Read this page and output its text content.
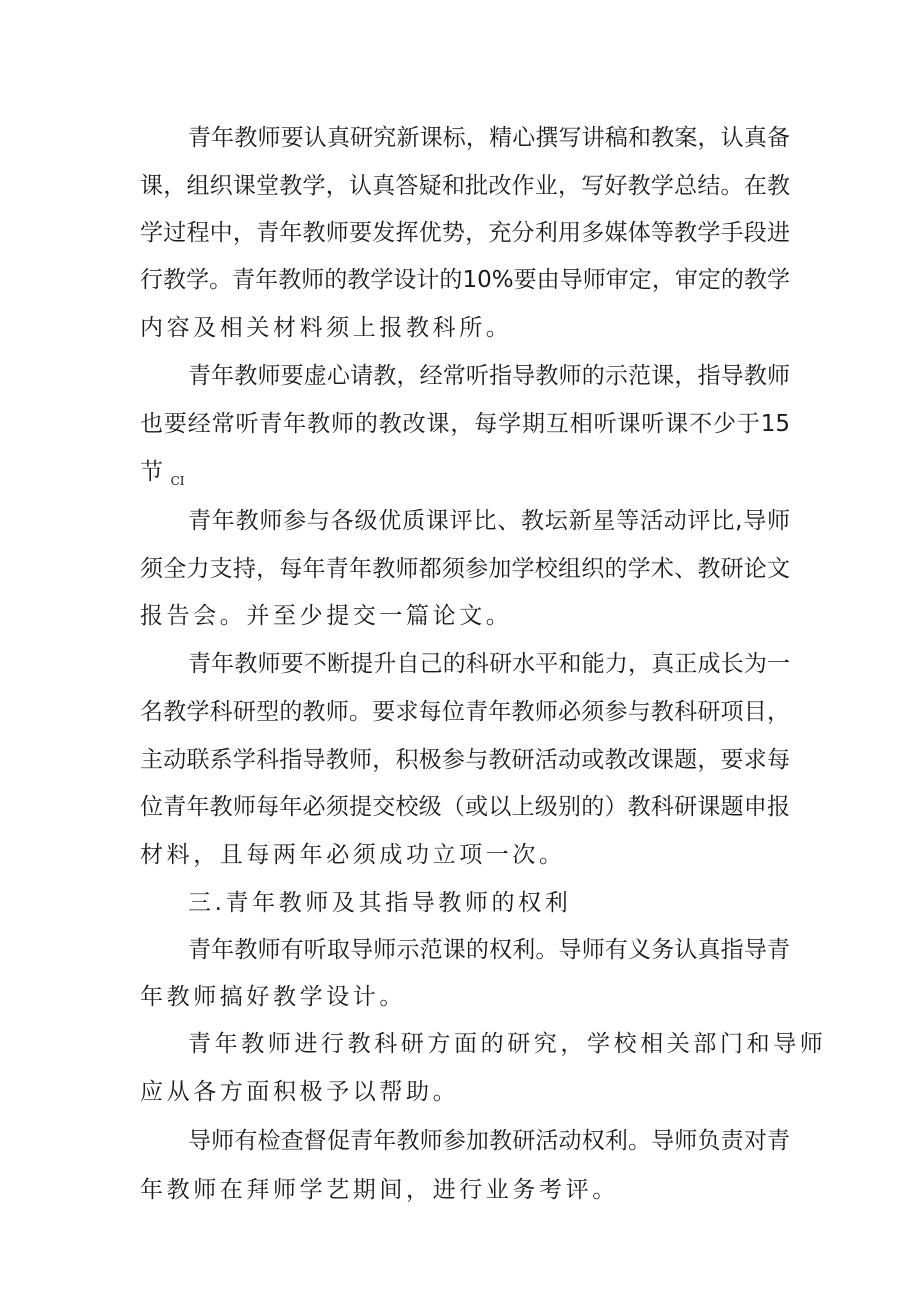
青年教师要认真研究新课标，精心撰写讲稿和教案，认真备
课，组织课堂教学，认真答疑和批改作业，写好教学总结。在教
学过程中，青年教师要发挥优势，充分利用多媒体等教学手段进
行教学。青年教师的教学设计的10%要由导师审定，审定的教学
内容及相关材料须上报教科所。
青年教师要虚心请教，经常听指导教师的示范课，指导教师
也要经常听青年教师的教改课，每学期互相听课听课不少于15
节 $_{CI}$
青年教师参与各级优质课评比、教坛新星等活动评比,导师
须全力支持，每年青年教师都须参加学校组织的学术、教研论文
报告会。并至少提交一篇论文。
青年教师要不断提升自己的科研水平和能力，真正成长为一
名教学科研型的教师。要求每位青年教师必须参与教科研项目，
主动联系学科指导教师，积极参与教研活动或教改课题，要求每
位青年教师每年必须提交校级（或以上级别的）教科研课题申报
材料，且每两年必须成功立项一次。
三.青年教师及其指导教师的权利
青年教师有听取导师示范课的权利。导师有义务认真指导青
年教师搞好教学设计。
青年教师进行教科研方面的研究，学校相关部门和导师
应从各方面积极予以帮助。
导师有检查督促青年教师参加教研活动权利。导师负责对青
年教师在拜师学艺期间，进行业务考评。
